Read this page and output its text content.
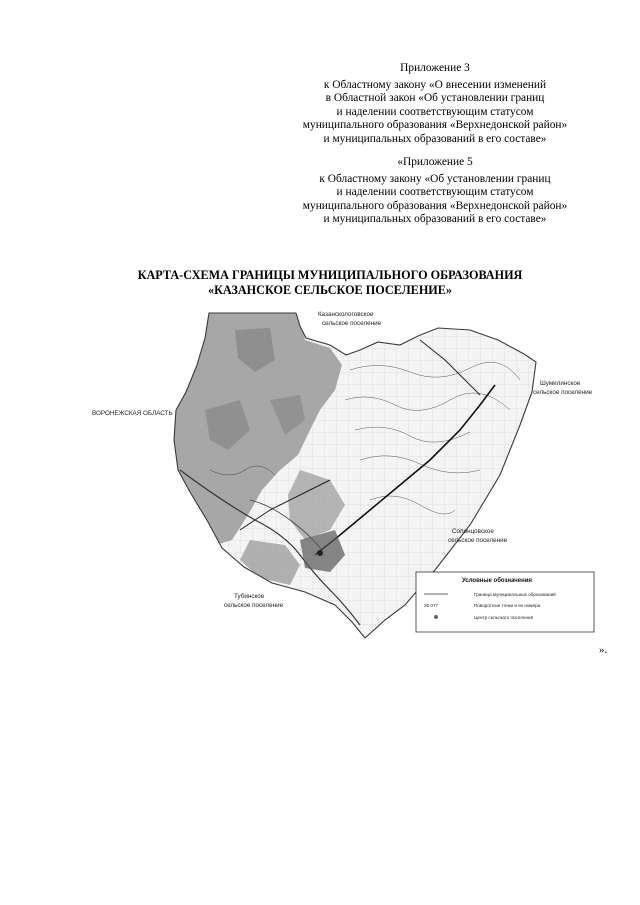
Приложение 3
к Областному закону «О внесении изменений
в Областной закон «Об установлении границ
и наделении соответствующим статусом
муниципального образования «Верхнедонской район»
и муниципальных образований в его составе»
«Приложение 5
к Областному закону «Об установлении границ
и наделении соответствующим статусом
муниципального образования «Верхнедонской район»
и муниципальных образований в его составе»
КАРТА-СХЕМА ГРАНИЦЫ МУНИЦИПАЛЬНОГО ОБРАЗОВАНИЯ
«КАЗАНСКОЕ СЕЛЬСКОЕ ПОСЕЛЕНИЕ»
Казанскологовское
сельское поселение
Шумилинское
сельское поселение
ВОРОНЕЖСКАЯ ОБЛАСТЬ
Солонцовское
сельское поселение
Тубинское
сельское поселение
Условные обозначения
Граница муниципальных образований
25 077	Поворотные точки и их номера
Центр сельского поселения
».
